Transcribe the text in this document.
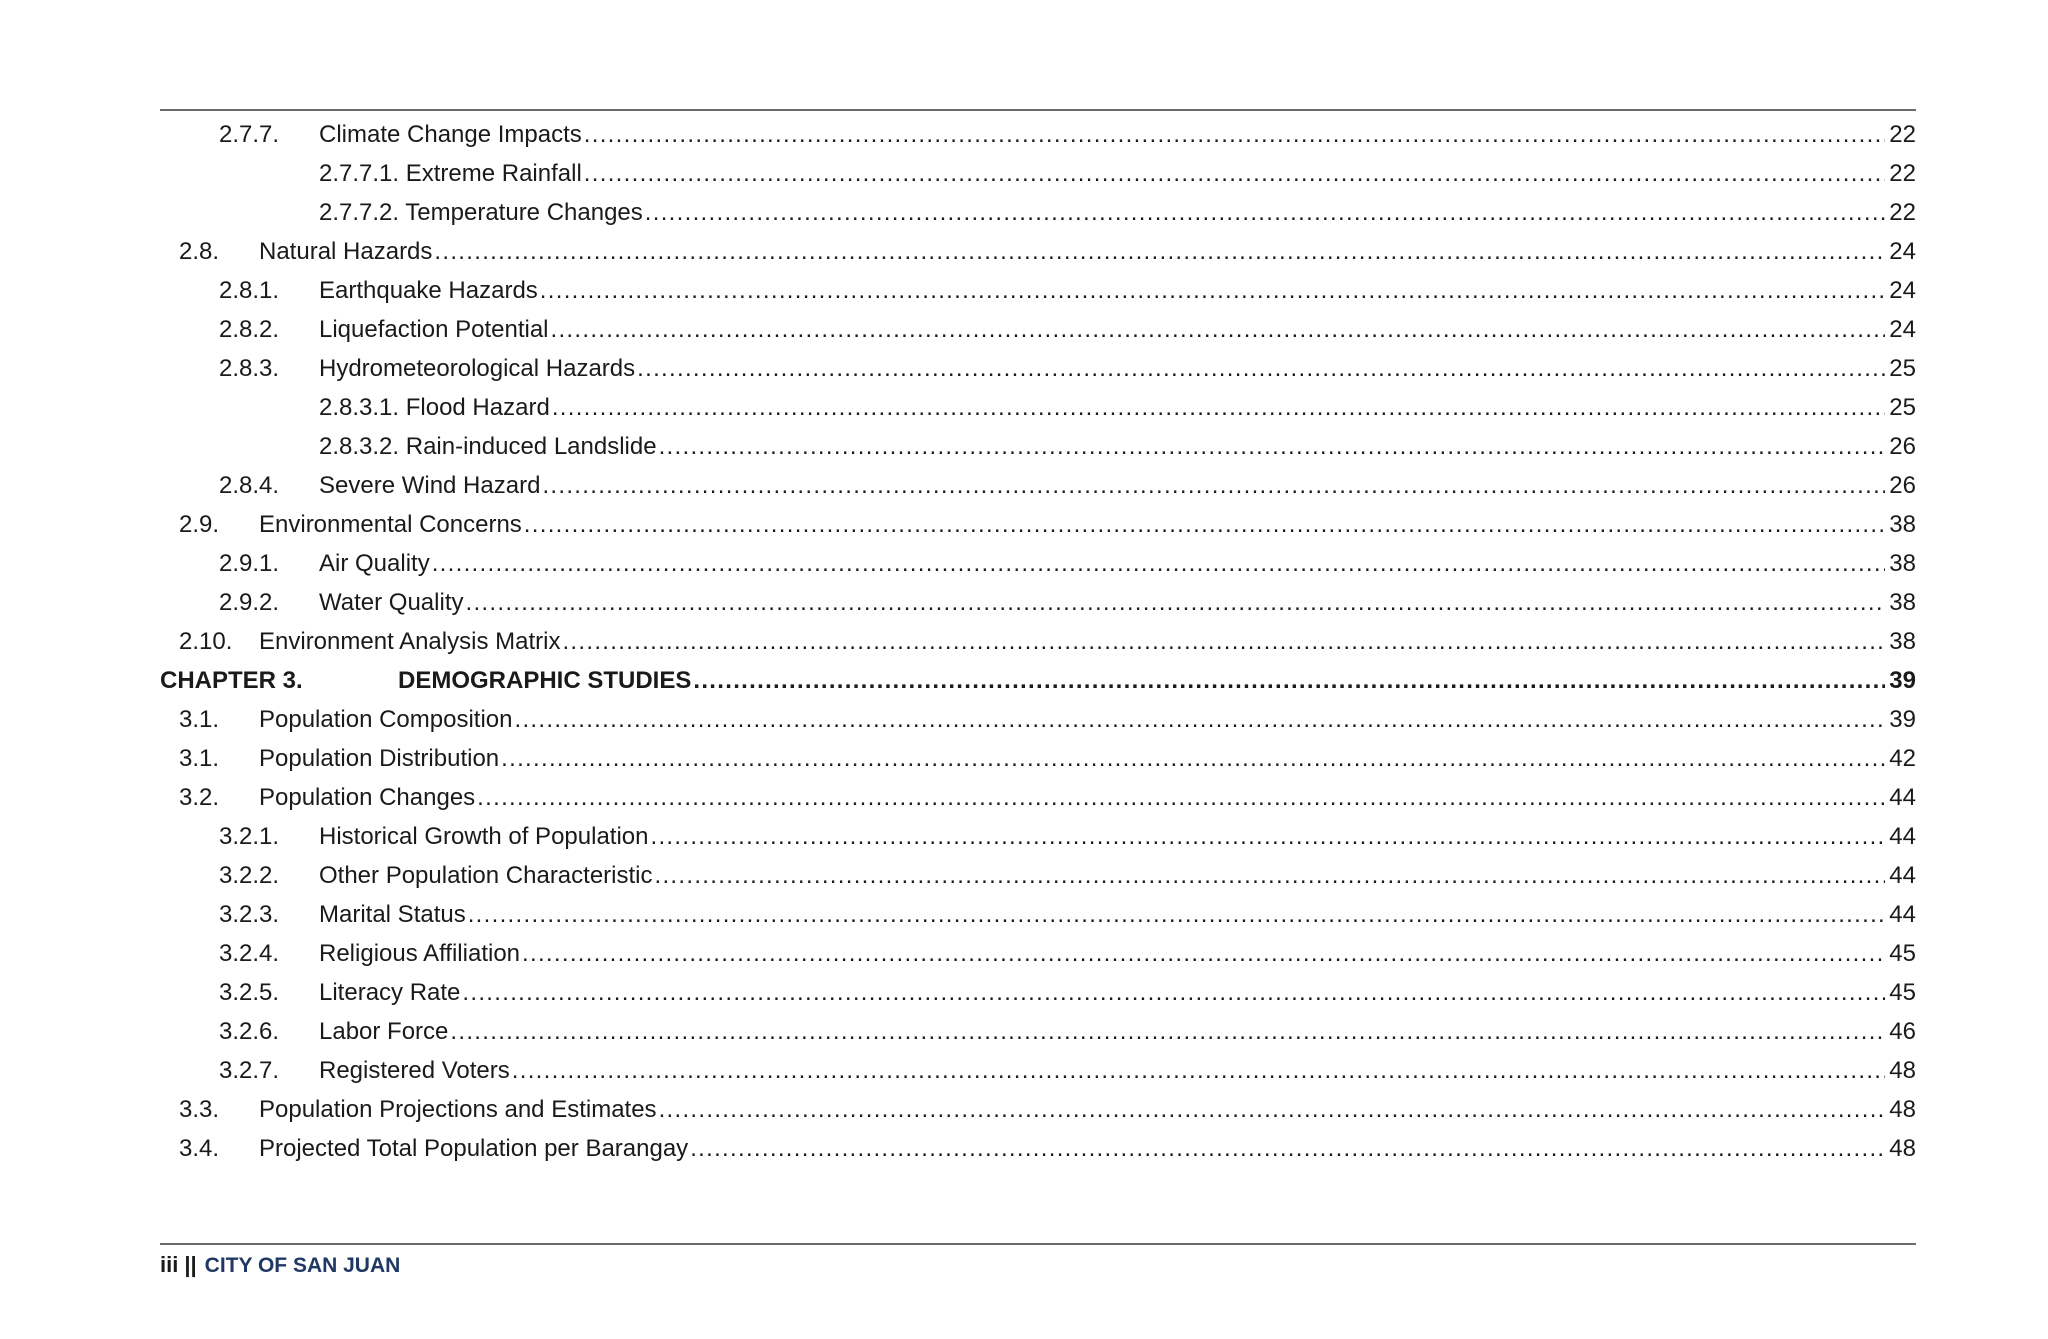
2.7.7. Climate Change Impacts .....	22
2.7.7.1. Extreme Rainfall .....	22
2.7.7.2. Temperature Changes .....	22
2.8. Natural Hazards .....	24
2.8.1. Earthquake Hazards .....	24
2.8.2. Liquefaction Potential .....	24
2.8.3. Hydrometeorological Hazards .....	25
2.8.3.1. Flood Hazard .....	25
2.8.3.2. Rain-induced Landslide .....	26
2.8.4. Severe Wind Hazard .....	26
2.9. Environmental Concerns .....	38
2.9.1. Air Quality .....	38
2.9.2. Water Quality .....	38
2.10. Environment Analysis Matrix .....	38
CHAPTER 3.	DEMOGRAPHIC STUDIES .....	39
3.1. Population Composition .....	39
3.1. Population Distribution .....	42
3.2. Population Changes .....	44
3.2.1. Historical Growth of Population .....	44
3.2.2. Other Population Characteristic .....	44
3.2.3. Marital Status .....	44
3.2.4. Religious Affiliation .....	45
3.2.5. Literacy Rate .....	45
3.2.6. Labor Force .....	46
3.2.7. Registered Voters .....	48
3.3. Population Projections and Estimates .....	48
3.4. Projected Total Population per Barangay .....	48
iii || CITY OF SAN JUAN
